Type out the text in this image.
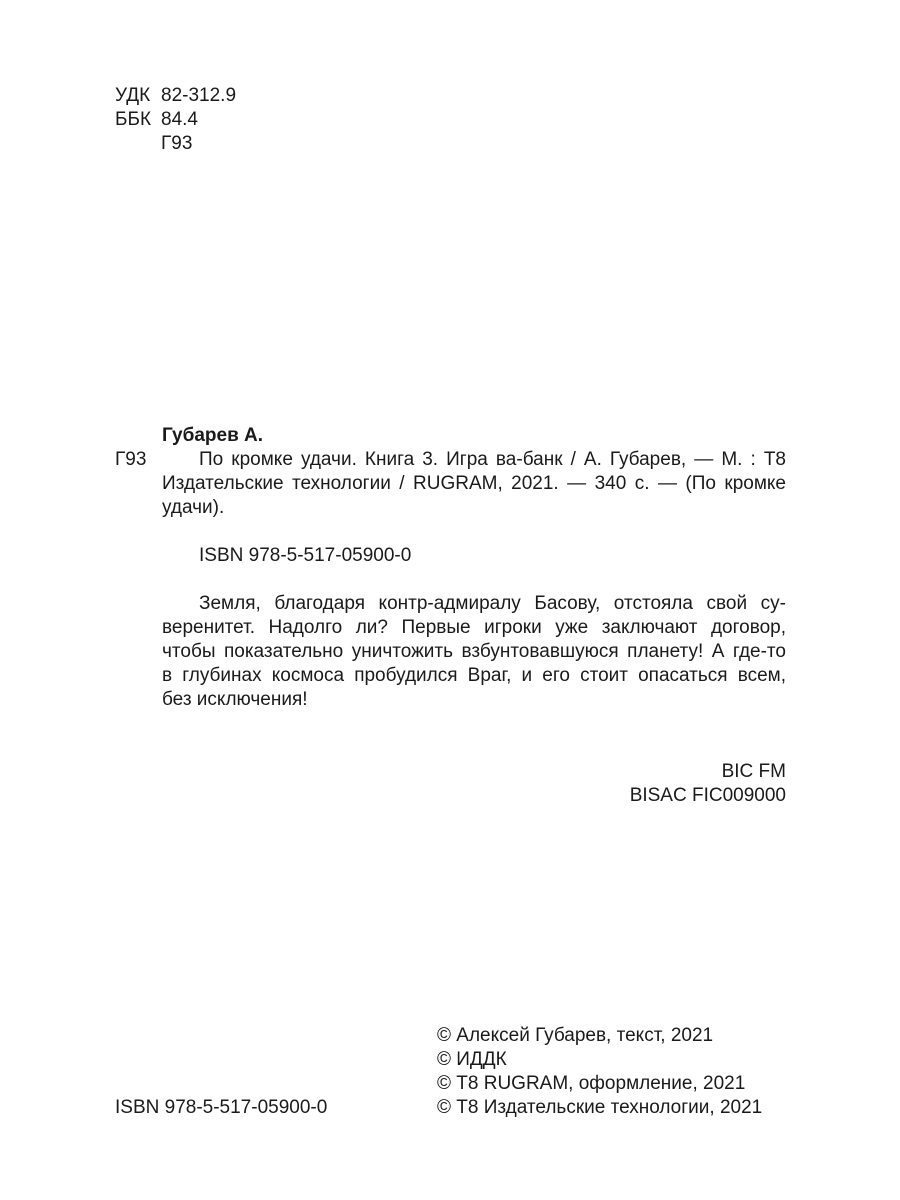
УДК 82-312.9
ББК 84.4
Г93
Губарев А.
Г93	По кромке удачи. Книга 3. Игра ва-банк / А. Губарев, — М. : Т8
Издательские технологии / RUGRAM, 2021. — 340 с. — (По кромке
удачи).
ISBN 978-5-517-05900-0
Земля, благодаря контр-адмиралу Басову, отстояла свой су-
веренитет. Надолго ли? Первые игроки уже заключают договор,
чтобы показательно уничтожить взбунтовавшуюся планету! А где-то
в глубинах космоса пробудился Враг, и его стоит опасаться всем,
без исключения!
BIC FM
BISAC FIC009000
© Алексей Губарев, текст, 2021
© ИДДК
© Т8 RUGRAM, оформление, 2021
© Т8 Издательские технологии, 2021
ISBN 978-5-517-05900-0
